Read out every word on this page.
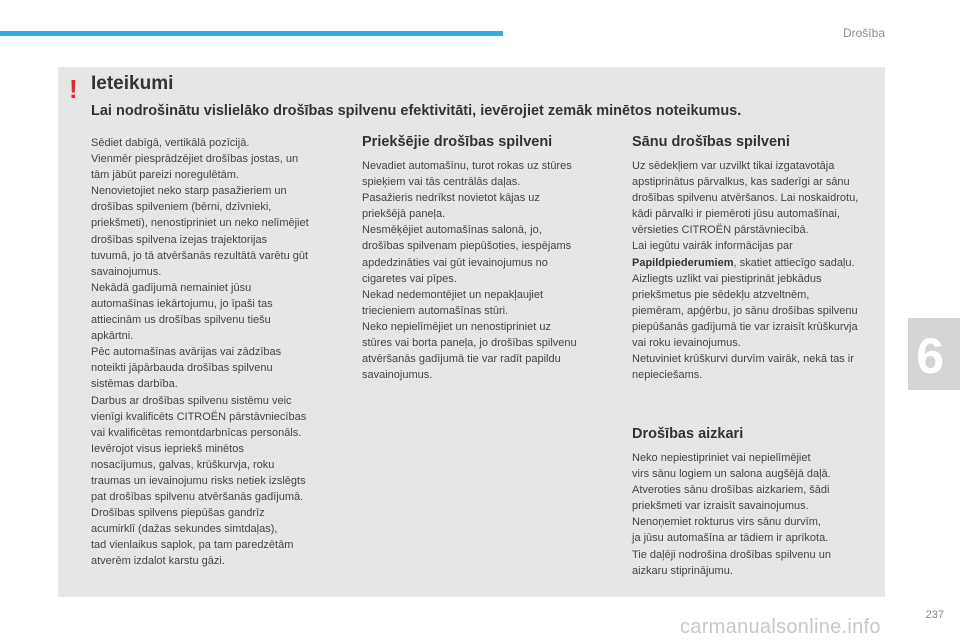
Drošība
6
! Ieteikumi
Lai nodrošinātu vislielāko drošības spilvenu efektivitāti, ievērojiet zemāk minētos noteikumus.
Sēdiet dabīgā, vertikālā pozīcijā.
Vienmēr piesprādzējiet drošības jostas, un
tām jābūt pareizi noregulētām.
Nenovietojiet neko starp pasažieriem un
drošības spilveniem (bērni, dzīvnieki,
priekšmeti), nenostipriniet un neko nelīmējiet
drošības spilvena izejas trajektorijas
tuvumā, jo tā atvēršanās rezultātā varētu gūt
savainojumus.
Nekādā gadījumā nemainiet jūsu
automašīnas iekārtojumu, jo īpaši tas
attiecinām us drošības spilvenu tiešu
apkārtni.
Pēc automašīnas avārijas vai zādzības
noteikti jāpārbauda drošības spilvenu
sistēmas darbība.
Darbus ar drošības spilvenu sistēmu veic
vienīgi kvalificēts CITROËN pārstāvniecības
vai kvalificētas remontdarbnīcas personāls.
Ievērojot visus iepriekš minētos
nosacījumus, galvas, krūškurvja, roku
traumas un ievainojumu risks netiek izslēgts
pat drošības spilvenu atvēršanās gadījumā.
Drošības spilvens piepūšas gandrīz
acumirklī (dažas sekundes simtdaļas),
tad vienlaikus saplok, pa tam paredzētām
atverēm izdalot karstu gāzi.
Priekšējie drošības spilveni
Nevadiet automašīnu, turot rokas uz stūres
spieķiem vai tās centrālās daļas.
Pasažieris nedrīkst novietot kājas uz
priekšējā paneļa.
Nesmēķējiet automašīnas salonā, jo,
drošības spilvenam piepūšoties, iespējams
apdedzināties vai gūt ievainojumus no
cigaretes vai pīpes.
Nekad nedemontējiet un nepakļaujiet
triecieniem automašīnas stūri.
Neko nepielīmējiet un nenostipriniet uz
stūres vai borta paneļa, jo drošības spilvenu
atvēršanās gadījumā tie var radīt papildu
savainojumus.
Sānu drošības spilveni
Uz sēdekļiem var uzvilkt tikai izgatavotāja
apstiprinātus pārvalkus, kas saderīgi ar sānu
drošības spilvenu atvēršanos. Lai noskaidrotu,
kādi pārvalki ir piemēroti jūsu automašīnai,
vērsieties CITROËN pārstāvniecībā.
Lai iegūtu vairāk informācijas par
Papildpiederumiem, skatiet attiecīgo sadaļu.
Aizliegts uzlikt vai piestiprināt jebkādus
priekšmetus pie sēdekļu atzveltnēm,
piemēram, apģērbu, jo sānu drošības spilvenu
piepūšanās gadījumā tie var izraisīt krūškurvja
vai roku ievainojumus.
Netuviniet krūškurvi durvīm vairāk, nekā tas ir
nepieciešams.
Drošības aizkari
Neko nepiestipriniet vai nepielīmējiet
virs sānu logiem un salona augšējā daļā.
Atveroties sānu drošības aizkariem, šādi
priekšmeti var izraisīt savainojumus.
Nenoņemiet rokturus virs sānu durvīm,
ja jūsu automašīna ar tādiem ir aprīkota.
Tie daļēji nodrošina drošības spilvenu un
aizkaru stiprinājumu.
237
carmanualsonline.info
